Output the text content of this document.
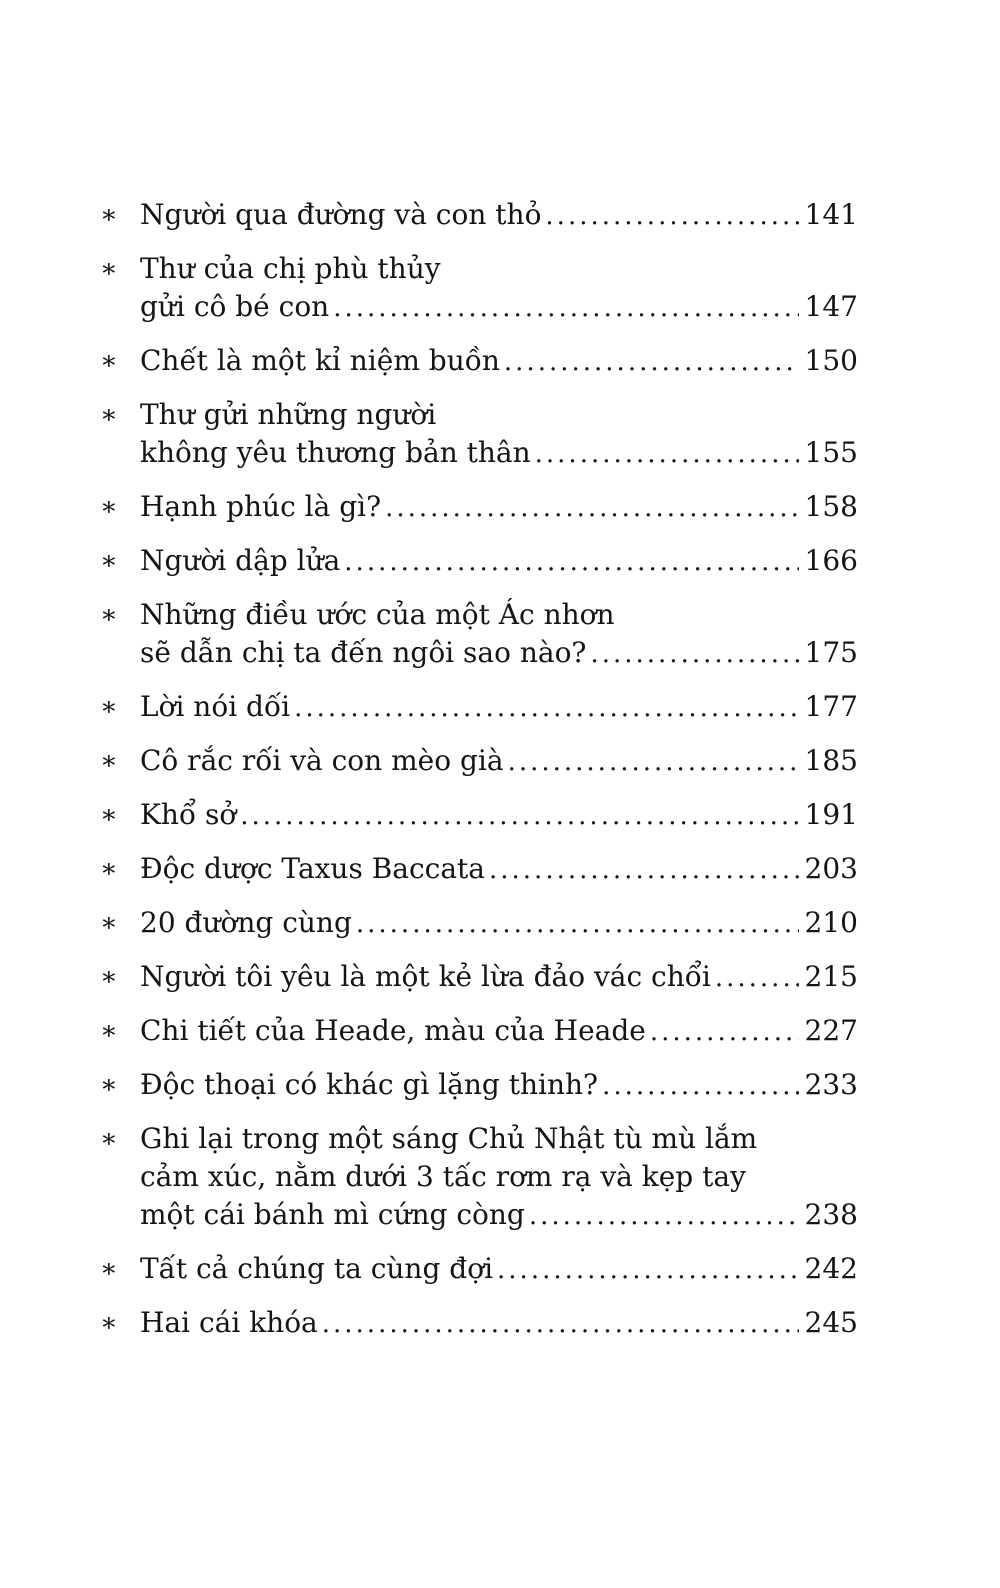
∗ Người qua đường và con thỏ .....	141
∗ Thư của chị phù thủy
gửi cô bé con .....	147
∗ Chết là một kỉ niệm buồn .....	150
∗ Thư gửi những người
không yêu thương bản thân .....	155
∗ Hạnh phúc là gì? .....	158
∗ Người dập lửa .....	166
∗ Những điều ước của một Ác nhơn
sẽ dẫn chị ta đến ngôi sao nào? .....	175
∗ Lời nói dối .....	177
∗ Cô rắc rối và con mèo già .....	185
∗ Khổ sở .....	191
∗ Độc dược Taxus Baccata .....	203
∗ 20 đường cùng .....	210
∗ Người tôi yêu là một kẻ lừa đảo vác chổi .....	215
∗ Chi tiết của Heade, màu của Heade .....	227
∗ Độc thoại có khác gì lặng thinh? .....	233
∗ Ghi lại trong một sáng Chủ Nhật tù mù lắm
cảm xúc, nằm dưới 3 tấc rơm rạ và kẹp tay
một cái bánh mì cứng còng .....	238
∗ Tất cả chúng ta cùng đợi .....	242
∗ Hai cái khóa .....	245
